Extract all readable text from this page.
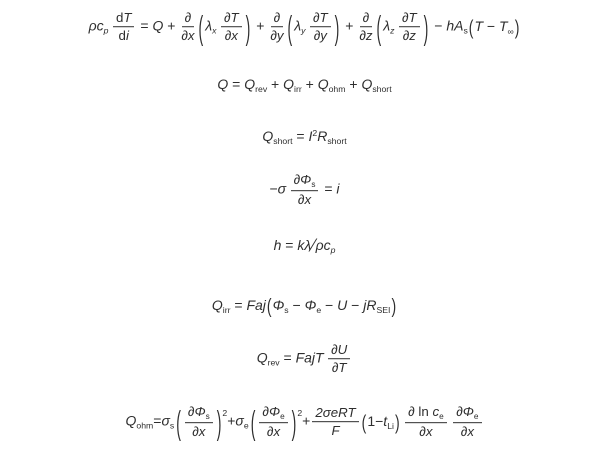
$\rho c_p \frac{dT}{di} = Q + \frac{\partial}{\partial x}$ ( $\lambda_x \frac{\partial T}{\partial x}$ ) + $\frac{\partial}{\partial y}$ ( $\lambda_y \frac{\partial T}{\partial y}$ ) + $\frac{\partial}{\partial z}$ ( $\lambda_z \frac{\partial T}{\partial z}$ ) − $hA_s$ ( $T - T_\infty$ )
$Q = Q_{rev} + Q_{irr} + Q_{ohm} + Q_{short}$
$Q_{short} = I^2R_{short}$
$-\sigma \frac{\partial\Phi_s}{\partial x} = i$
$h = k\lambda∕\rho c_p$
$Q_{irr}$ = Faj ( $\Phi_s - \Phi_e - U - jR_{SEI}$ )
$Q_{rev}$ = FajT $\frac{\partial U}{\partial T}$
$Q_{ohm}=\sigma_s$ ( $\frac{\partial\Phi_s}{\partial x}$ ) $^2+\sigma_e$ ( $\frac{\partial\Phi_e}{\partial x}$ ) $^2+ \frac{\text{2σeRT}}{F}$ ( $1-t_{Li}$ ) $\frac{\partial \ln c_e}{\partial x} \frac{\partial\Phi_e}{\partial x}$
